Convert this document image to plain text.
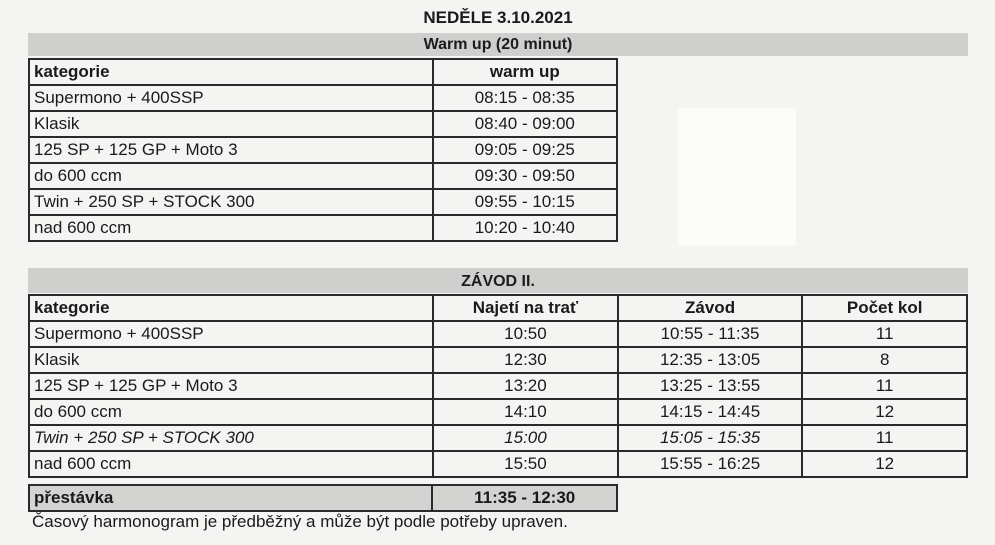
NEDĚLE 3.10.2021
Warm up (20 minut)
kategorie	warm up
Supermono + 400SSP	08:15 - 08:35
Klasik	08:40 - 09:00
125 SP + 125 GP + Moto 3	09:05 - 09:25
do 600 ccm	09:30 - 09:50
Twin + 250 SP + STOCK 300	09:55 - 10:15
nad 600 ccm	10:20 - 10:40
ZÁVOD II.
kategorie	Najetí na trať	Závod	Počet kol
Supermono + 400SSP	10:50	10:55 - 11:35	11
Klasik	12:30	12:35 - 13:05	8
125 SP + 125 GP + Moto 3	13:20	13:25 - 13:55	11
do 600 ccm	14:10	14:15 - 14:45	12
Twin + 250 SP + STOCK 300	15:00	15:05 - 15:35	11
nad 600 ccm	15:50	15:55 - 16:25	12
přestávka	11:35 - 12:30
Časový harmonogram je předběžný a může být podle potřeby upraven.
